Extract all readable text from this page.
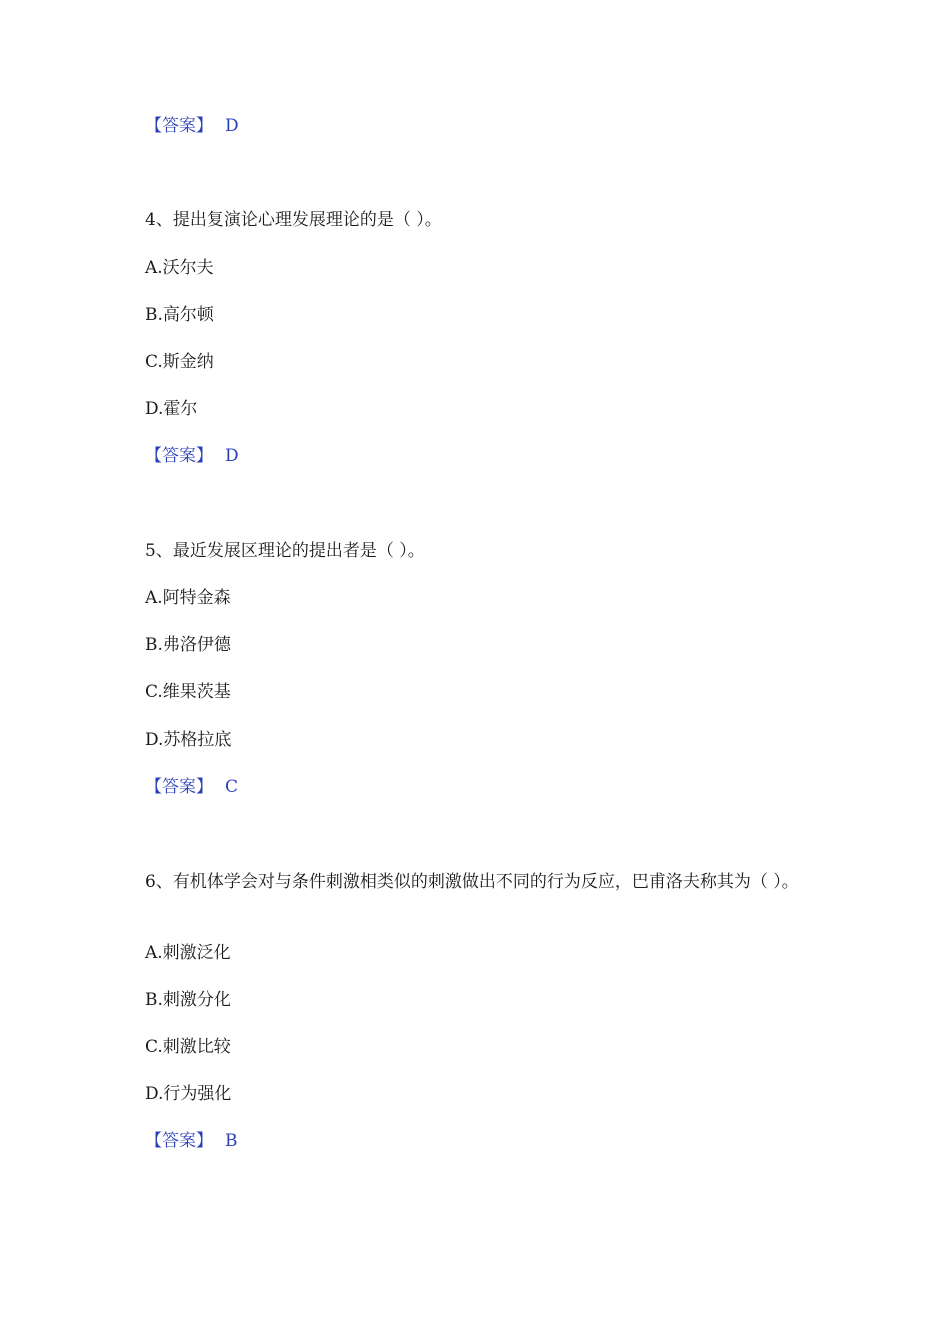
【答案】 D
4、提出复演论心理发展理论的是（ ）。
A.沃尔夫
B.高尔顿
C.斯金纳
D.霍尔
【答案】 D
5、最近发展区理论的提出者是（ ）。
A.阿特金森
B.弗洛伊德
C.维果茨基
D.苏格拉底
【答案】 C
6、有机体学会对与条件刺激相类似的刺激做出不同的行为反应，巴甫洛夫称其为（ ）。
A.刺激泛化
B.刺激分化
C.刺激比较
D.行为强化
【答案】 B
